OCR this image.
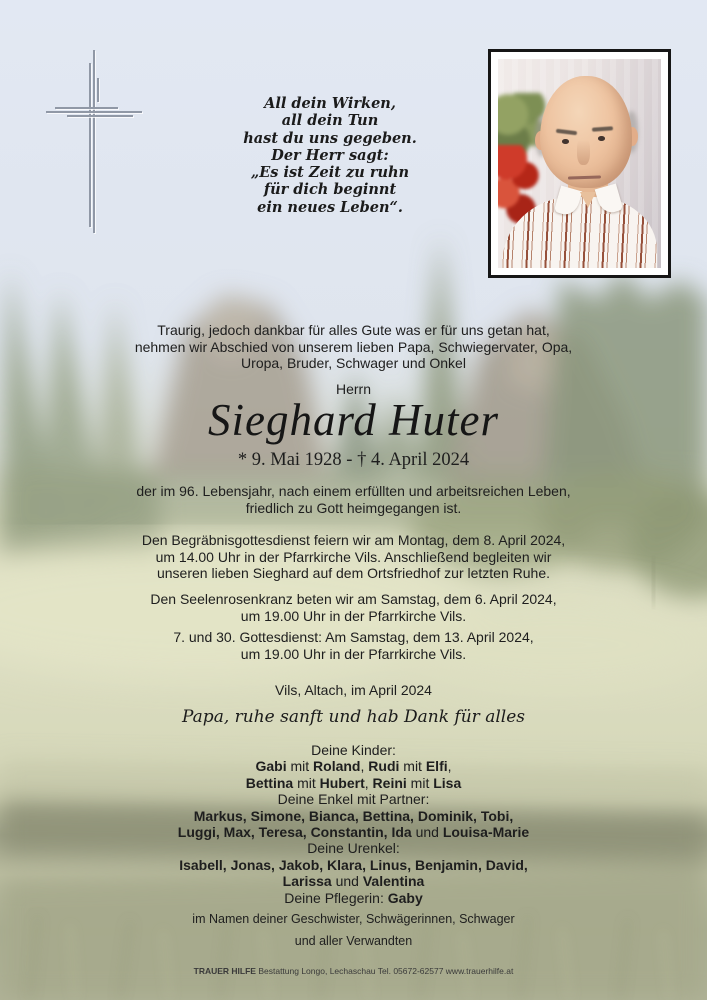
All dein Wirken,
all dein Tun
hast du uns gegeben.
Der Herr sagt:
„Es ist Zeit zu ruhn
für dich beginnt
ein neues Leben“.
Traurig, jedoch dankbar für alles Gute was er für uns getan hat,
nehmen wir Abschied von unserem lieben Papa, Schwiegervater, Opa,
Uropa, Bruder, Schwager und Onkel
Herrn
Sieghard Huter
* 9. Mai 1928 - † 4. April 2024
der im 96. Lebensjahr, nach einem erfüllten und arbeitsreichen Leben,
friedlich zu Gott heimgegangen ist.
Den Begräbnisgottesdienst feiern wir am Montag, dem 8. April 2024,
um 14.00 Uhr in der Pfarrkirche Vils. Anschließend begleiten wir
unseren lieben Sieghard auf dem Ortsfriedhof zur letzten Ruhe.
Den Seelenrosenkranz beten wir am Samstag, dem 6. April 2024,
um 19.00 Uhr in der Pfarrkirche Vils.
7. und 30. Gottesdienst: Am Samstag, dem 13. April 2024,
um 19.00 Uhr in der Pfarrkirche Vils.
Vils, Altach, im April 2024
Papa, ruhe sanft und hab Dank für alles
Deine Kinder:
Gabi mit Roland, Rudi mit Elfi,
Bettina mit Hubert, Reini mit Lisa
Deine Enkel mit Partner:
Markus, Simone, Bianca, Bettina, Dominik, Tobi,
Luggi, Max, Teresa, Constantin, Ida und Louisa-Marie
Deine Urenkel:
Isabell, Jonas, Jakob, Klara, Linus, Benjamin, David,
Larissa und Valentina
Deine Pflegerin: Gaby
im Namen deiner Geschwister, Schwägerinnen, Schwager
und aller Verwandten
TRAUER HILFE Bestattung Longo, Lechaschau Tel. 05672-62577 www.trauerhilfe.at
